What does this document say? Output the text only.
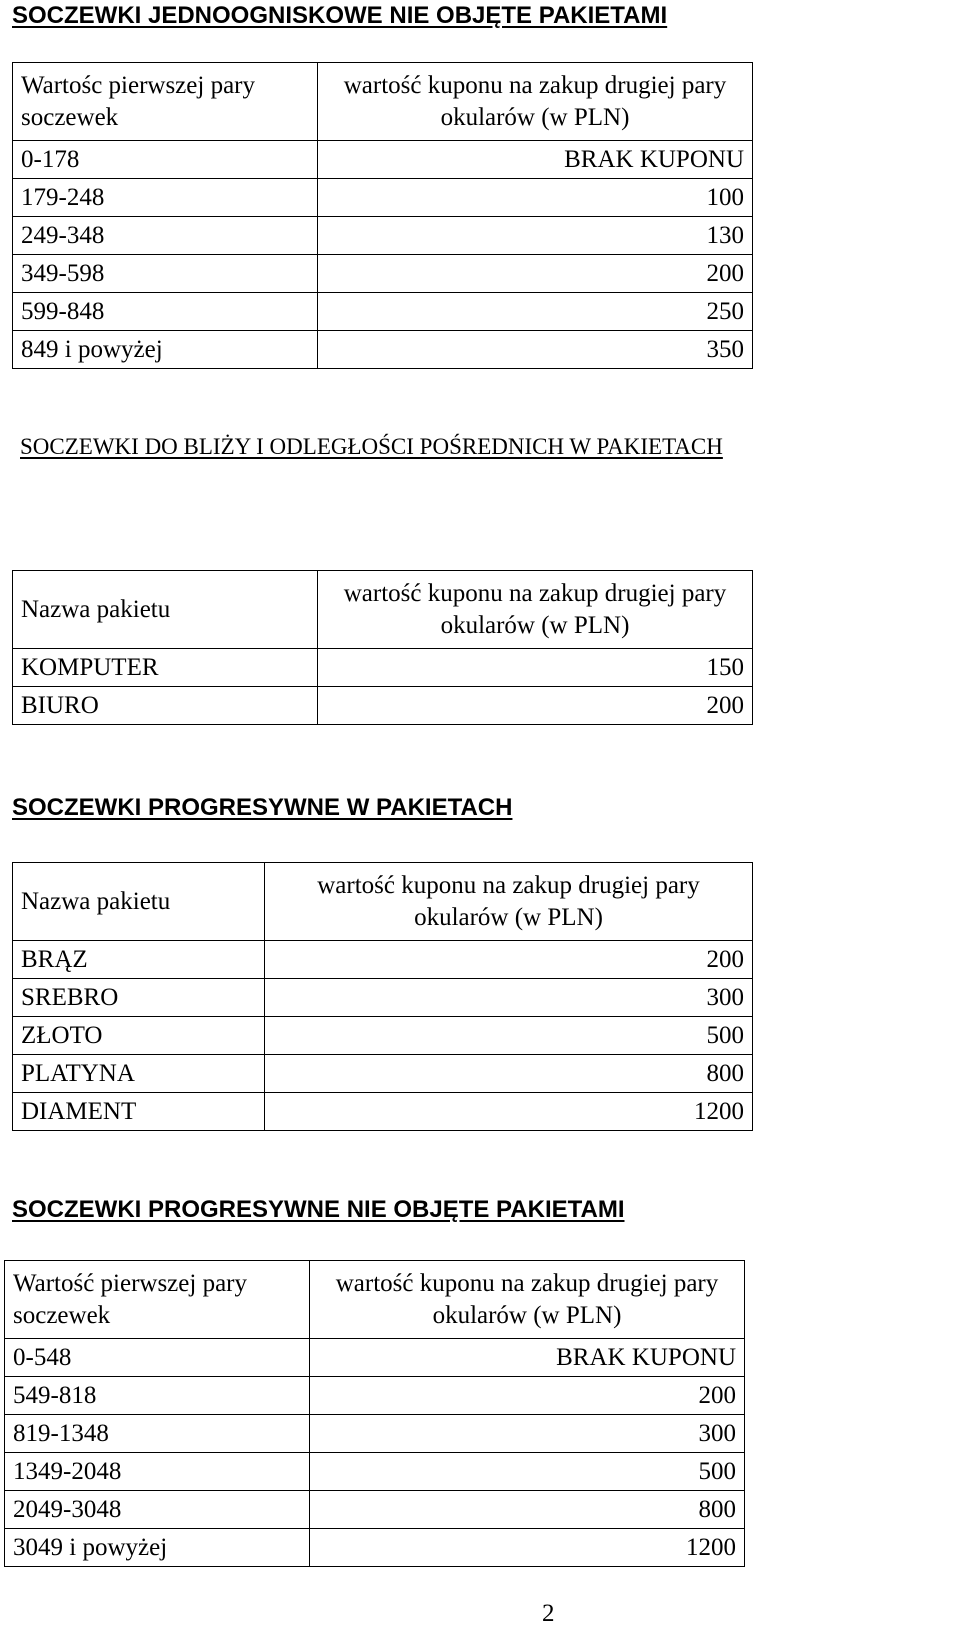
SOCZEWKI JEDNOOGNISKOWE NIE OBJĘTE PAKIETAMI
Wartośc pierwszej pary soczewek	wartość kuponu na zakup drugiej pary okularów (w PLN)
0-178	BRAK KUPONU
179-248	100
249-348	130
349-598	200
599-848	250
849 i powyżej	350
SOCZEWKI DO BLIŻY I ODLEGŁOŚCI POŚREDNICH W PAKIETACH
Nazwa pakietu	wartość kuponu na zakup drugiej pary okularów (w PLN)
KOMPUTER	150
BIURO	200
SOCZEWKI PROGRESYWNE W PAKIETACH
Nazwa pakietu	wartość kuponu na zakup drugiej pary okularów (w PLN)
BRĄZ	200
SREBRO	300
ZŁOTO	500
PLATYNA	800
DIAMENT	1200
SOCZEWKI PROGRESYWNE NIE OBJĘTE PAKIETAMI
Wartość pierwszej pary soczewek	wartość kuponu na zakup drugiej pary okularów (w PLN)
0-548	BRAK KUPONU
549-818	200
819-1348	300
1349-2048	500
2049-3048	800
3049 i powyżej	1200
2
